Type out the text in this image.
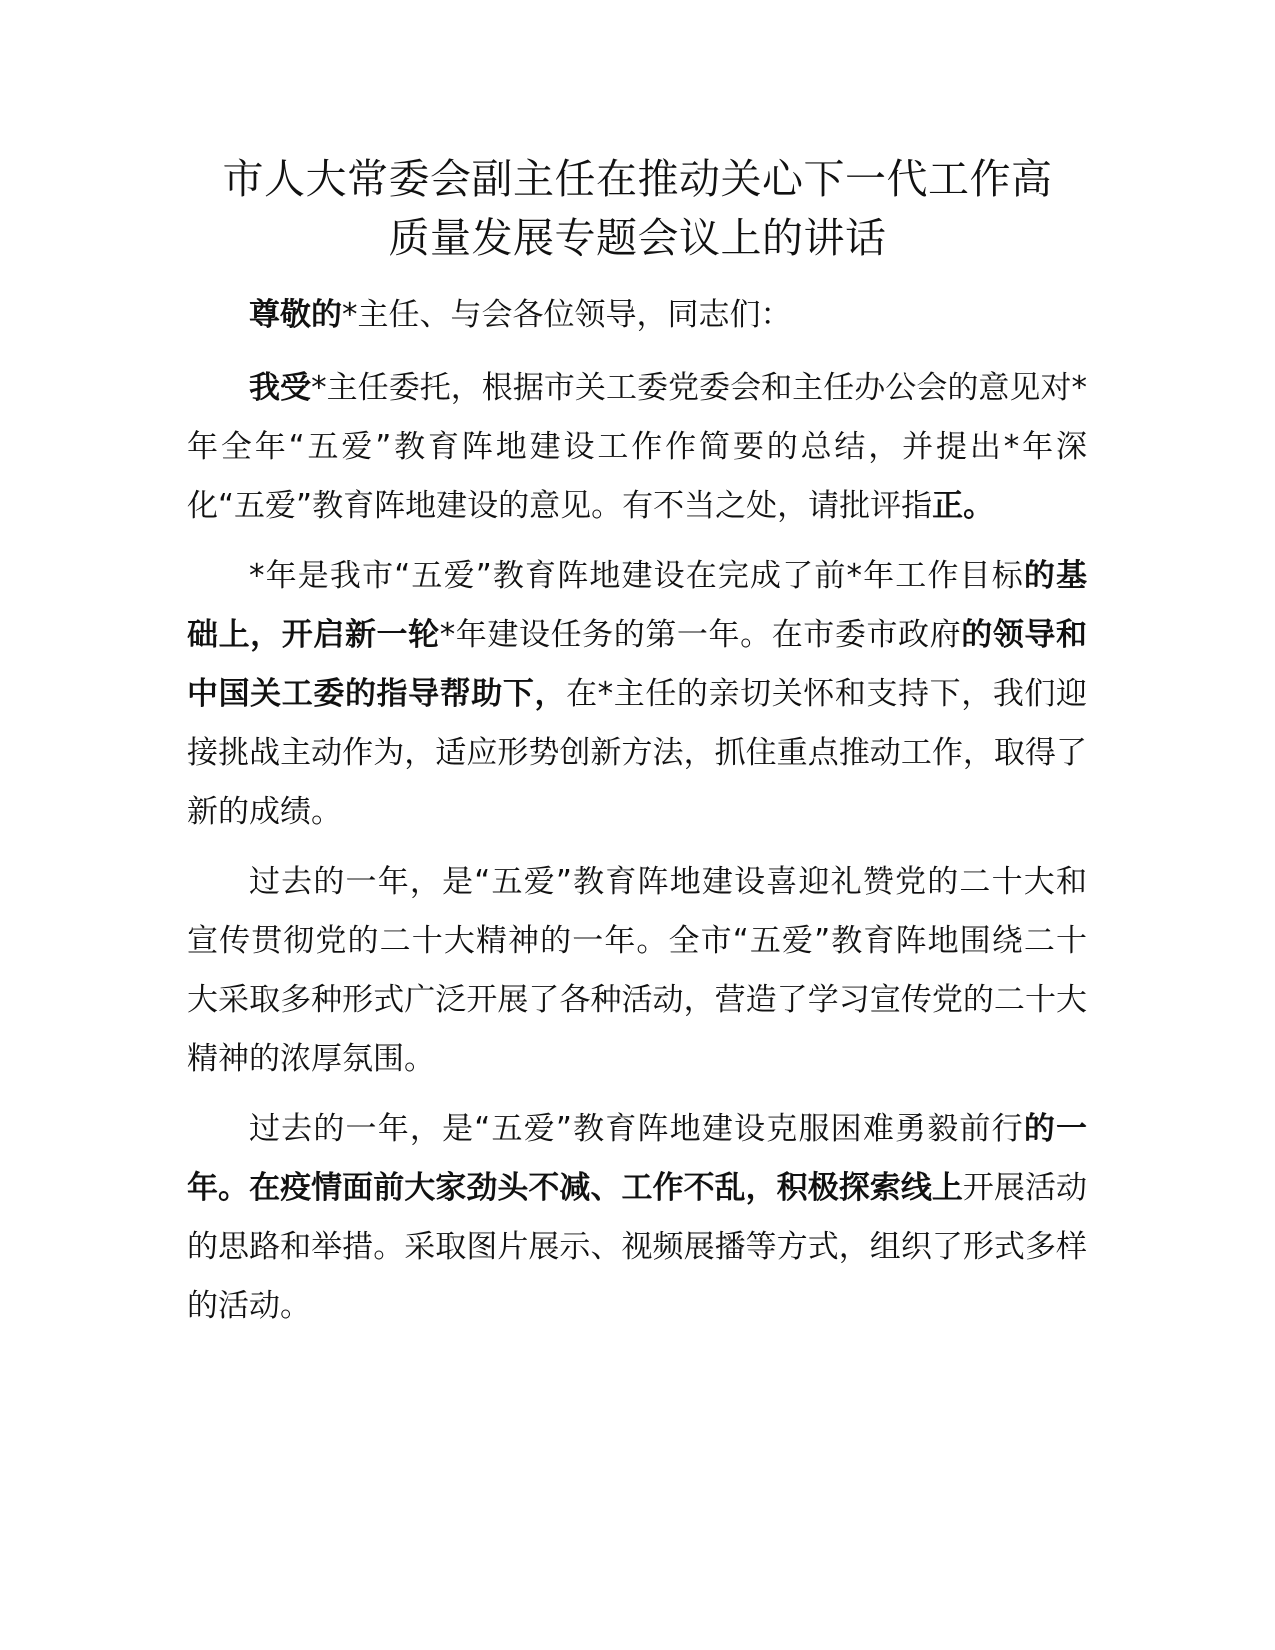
市人大常委会副主任在推动关心下一代工作高
质量发展专题会议上的讲话

尊敬的*主任、与会各位领导，同志们：

我受*主任委托，根据市关工委党委会和主任办公会的意见对*年全年“五爱”教育阵地建设工作作简要的总结，并提出*年深化“五爱”教育阵地建设的意见。有不当之处，请批评指正。

*年是我市“五爱”教育阵地建设在完成了前*年工作目标的基础上，开启新一轮*年建设任务的第一年。在市委市政府的领导和中国关工委的指导帮助下，在*主任的亲切关怀和支持下，我们迎接挑战主动作为，适应形势创新方法，抓住重点推动工作，取得了新的成绩。

过去的一年，是“五爱”教育阵地建设喜迎礼赞党的二十大和宣传贯彻党的二十大精神的一年。全市“五爱”教育阵地围绕二十大采取多种形式广泛开展了各种活动，营造了学习宣传党的二十大精神的浓厚氛围。

过去的一年，是“五爱”教育阵地建设克服困难勇毅前行的一年。在疫情面前大家劲头不减、工作不乱，积极探索线上开展活动的思路和举措。采取图片展示、视频展播等方式，组织了形式多样的活动。
